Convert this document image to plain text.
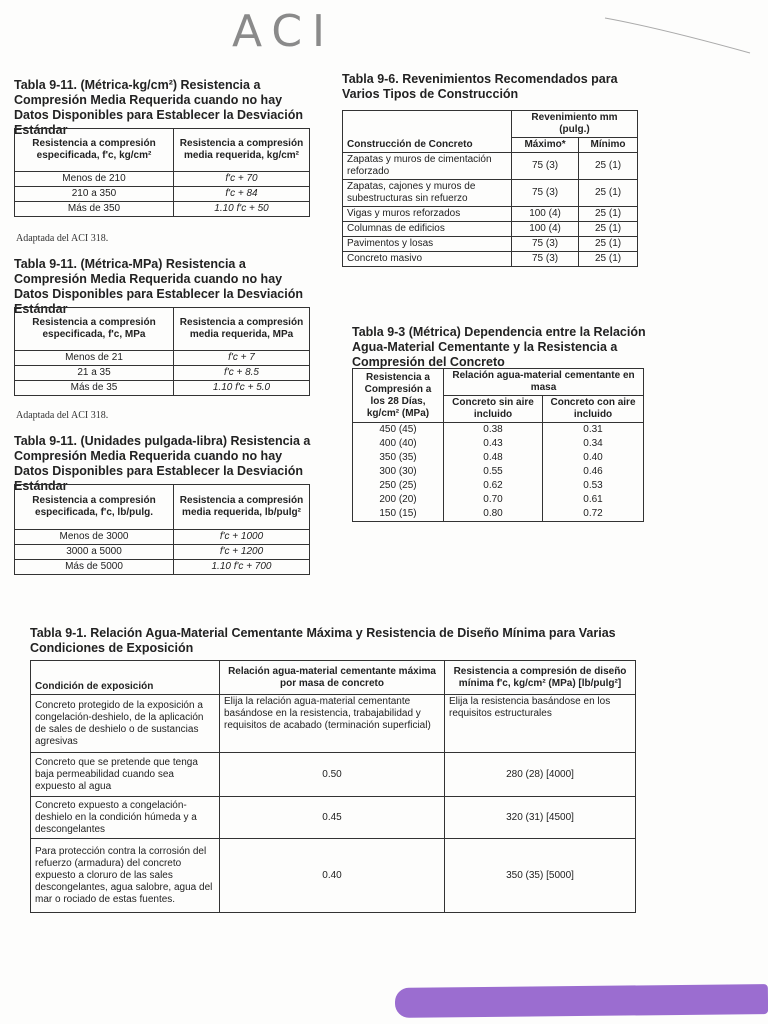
ACI
Tabla 9-11. (Métrica-kg/cm²) Resistencia a Compresión Media Requerida cuando no hay Datos Disponibles para Establecer la Desviación Estándar
Resistencia a compresión especificada, f'c, kg/cm²	Resistencia a compresión media requerida, kg/cm²
Menos de 210	f'c + 70
210 a 350	f'c + 84
Más de 350	1.10 f'c + 50
Adaptada del ACI 318.
Tabla 9-11. (Métrica-MPa) Resistencia a Compresión Media Requerida cuando no hay Datos Disponibles para Establecer la Desviación Estándar
Resistencia a compresión especificada, f'c, MPa	Resistencia a compresión media requerida, MPa
Menos de 21	f'c + 7
21 a 35	f'c + 8.5
Más de 35	1.10 f'c + 5.0
Adaptada del ACI 318.
Tabla 9-11. (Unidades pulgada-libra) Resistencia a Compresión Media Requerida cuando no hay Datos Disponibles para Establecer la Desviación Estándar
Resistencia a compresión especificada, f'c, lb/pulg.	Resistencia a compresión media requerida, lb/pulg²
Menos de 3000	f'c + 1000
3000 a 5000	f'c + 1200
Más de 5000	1.10 f'c + 700
Tabla 9-6. Revenimientos Recomendados para Varios Tipos de Construcción
Construcción de Concreto	Revenimiento mm (pulg.)	
	Máximo*	Mínimo
Zapatas y muros de cimentación reforzado	75 (3)	25 (1)
Zapatas, cajones y muros de subestructuras sin refuerzo	75 (3)	25 (1)
Vigas y muros reforzados	100 (4)	25 (1)
Columnas de edificios	100 (4)	25 (1)
Pavimentos y losas	75 (3)	25 (1)
Concreto masivo	75 (3)	25 (1)
Tabla 9-3 (Métrica) Dependencia entre la Relación Agua-Material Cementante y la Resistencia a Compresión del Concreto
Resistencia a Compresión a los 28 Días, kg/cm² (MPa)	Relación agua-material cementante en masa	
	Concreto sin aire incluido	Concreto con aire incluido
450 (45)	0.38	0.31
400 (40)	0.43	0.34
350 (35)	0.48	0.40
300 (30)	0.55	0.46
250 (25)	0.62	0.53
200 (20)	0.70	0.61
150 (15)	0.80	0.72
Tabla 9-1. Relación Agua-Material Cementante Máxima y Resistencia de Diseño Mínima para Varias Condiciones de Exposición
Condición de exposición	Relación agua-material cementante máxima por masa de concreto	Resistencia a compresión de diseño mínima f'c, kg/cm² (MPa) [lb/pulg²]
Concreto protegido de la exposición a congelación-deshielo, de la aplicación de sales de deshielo o de sustancias agresivas	Elija la relación agua-material cementante basándose en la resistencia, trabajabilidad y requisitos de acabado (terminación superficial)	Elija la resistencia basándose en los requisitos estructurales
Concreto que se pretende que tenga baja permeabilidad cuando sea expuesto al agua	0.50	280 (28) [4000]
Concreto expuesto a congelación-deshielo en la condición húmeda y a descongelantes	0.45	320 (31) [4500]
Para protección contra la corrosión del refuerzo (armadura) del concreto expuesto a cloruro de las sales descongelantes, agua salobre, agua del mar o rociado de estas fuentes.	0.40	350 (35) [5000]
